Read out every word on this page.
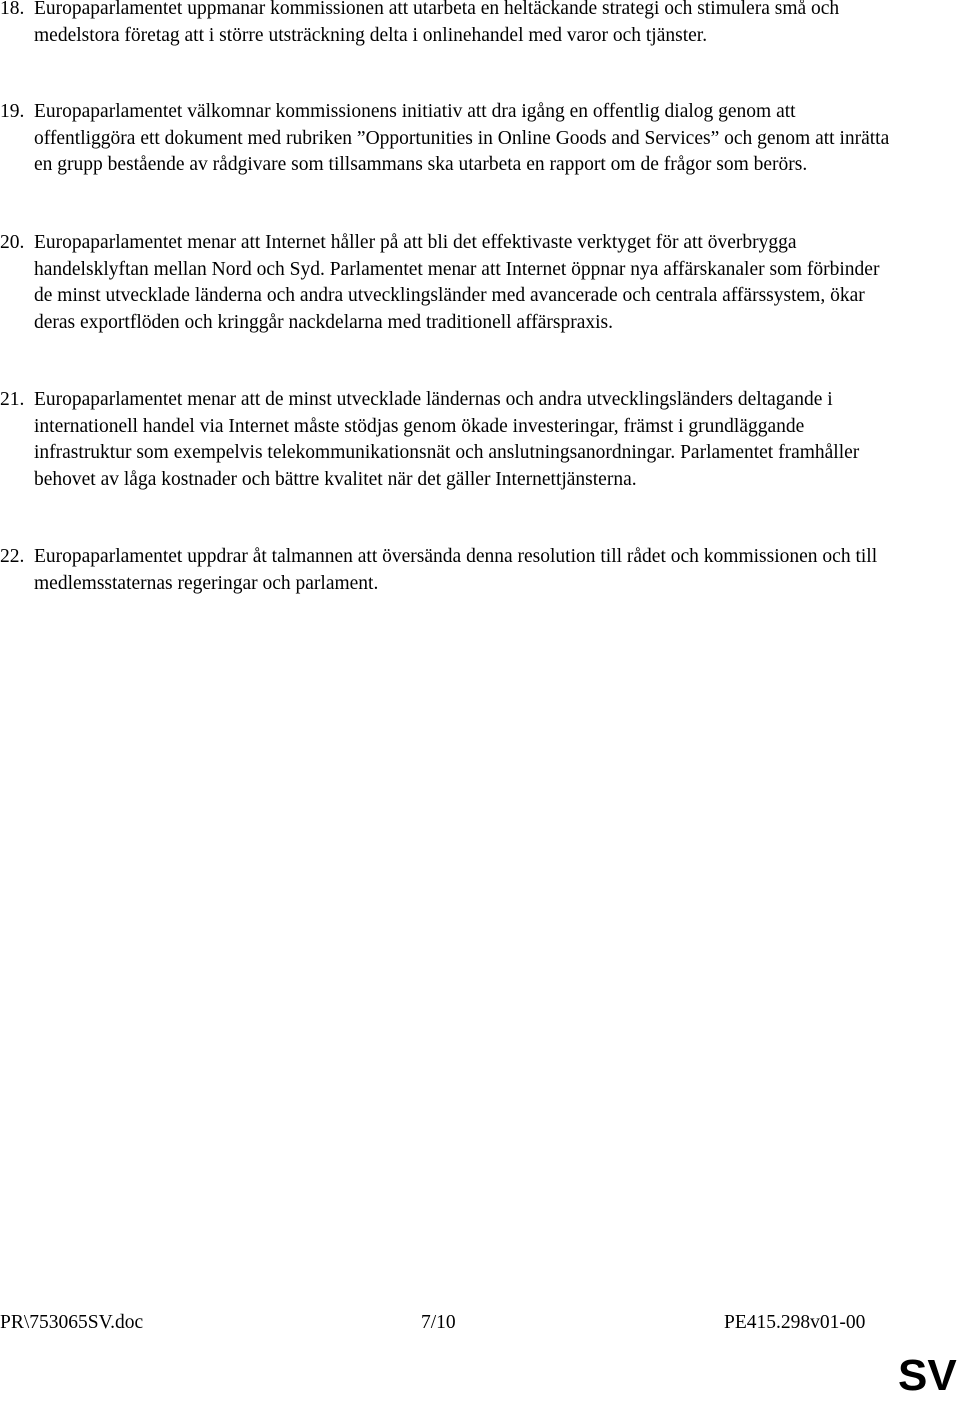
18. Europaparlamentet uppmanar kommissionen att utarbeta en heltäckande strategi och stimulera små och medelstora företag att i större utsträckning delta i onlinehandel med varor och tjänster.
19. Europaparlamentet välkomnar kommissionens initiativ att dra igång en offentlig dialog genom att offentliggöra ett dokument med rubriken ”Opportunities in Online Goods and Services” och genom att inrätta en grupp bestående av rådgivare som tillsammans ska utarbeta en rapport om de frågor som berörs.
20. Europaparlamentet menar att Internet håller på att bli det effektivaste verktyget för att överbrygga handelsklyftan mellan Nord och Syd. Parlamentet menar att Internet öppnar nya affärskanaler som förbinder de minst utvecklade länderna och andra utvecklingsländer med avancerade och centrala affärssystem, ökar deras exportflöden och kringgår nackdelarna med traditionell affärspraxis.
21. Europaparlamentet menar att de minst utvecklade ländernas och andra utvecklingsländers deltagande i internationell handel via Internet måste stödjas genom ökade investeringar, främst i grundläggande infrastruktur som exempelvis telekommunikationsnät och anslutningsanordningar. Parlamentet framhåller behovet av låga kostnader och bättre kvalitet när det gäller Internettjänsterna.
22. Europaparlamentet uppdrar åt talmannen att översända denna resolution till rådet och kommissionen och till medlemsstaternas regeringar och parlament.
PR\753065SV.doc	7/10	PE415.298v01-00
SV
